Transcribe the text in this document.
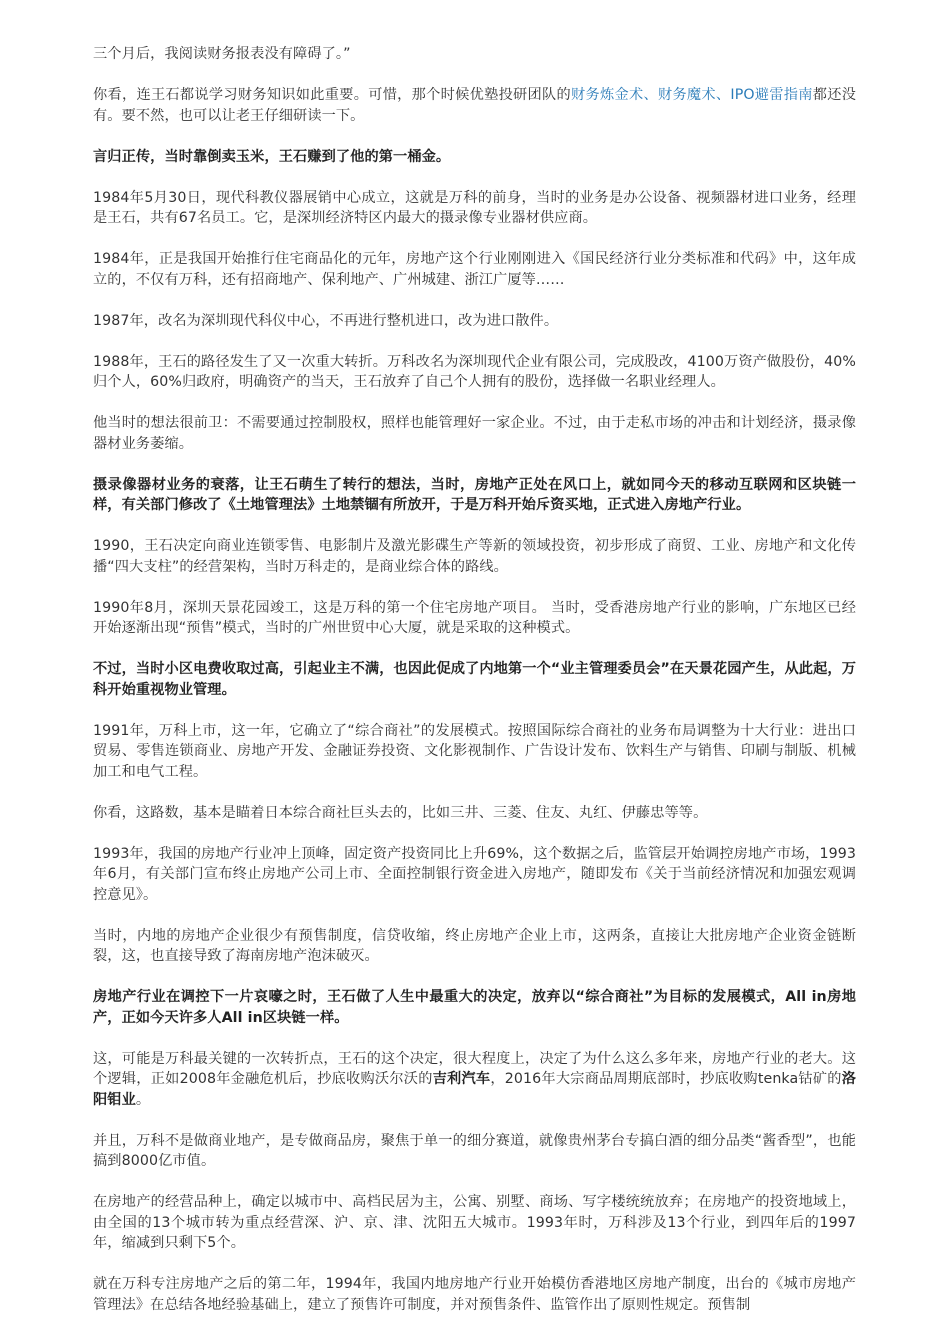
三个月后，我阅读财务报表没有障碍了。”

你看，连王石都说学习财务知识如此重要。可惜，那个时候优塾投研团队的财务炼金术、财务魔术、IPO避雷指南都还没有。要不然，也可以让老王仔细研读一下。

言归正传，当时靠倒卖玉米，王石赚到了他的第一桶金。

1984年5月30日，现代科教仪器展销中心成立，这就是万科的前身，当时的业务是办公设备、视频器材进口业务，经理是王石，共有67名员工。它，是深圳经济特区内最大的摄录像专业器材供应商。

1984年，正是我国开始推行住宅商品化的元年，房地产这个行业刚刚进入《国民经济行业分类标准和代码》中，这年成立的，不仅有万科，还有招商地产、保利地产、广州城建、浙江广厦等……

1987年，改名为深圳现代科仪中心，不再进行整机进口，改为进口散件。

1988年，王石的路径发生了又一次重大转折。万科改名为深圳现代企业有限公司，完成股改，4100万资产做股份，40%归个人，60%归政府，明确资产的当天，王石放弃了自己个人拥有的股份，选择做一名职业经理人。

他当时的想法很前卫：不需要通过控制股权，照样也能管理好一家企业。不过，由于走私市场的冲击和计划经济，摄录像器材业务萎缩。

摄录像器材业务的衰落，让王石萌生了转行的想法，当时，房地产正处在风口上，就如同今天的移动互联网和区块链一样，有关部门修改了《土地管理法》土地禁锢有所放开，于是万科开始斥资买地，正式进入房地产行业。

1990，王石决定向商业连锁零售、电影制片及激光影碟生产等新的领域投资，初步形成了商贸、工业、房地产和文化传播“四大支柱”的经营架构，当时万科走的，是商业综合体的路线。

1990年8月，深圳天景花园竣工，这是万科的第一个住宅房地产项目。 当时，受香港房地产行业的影响，广东地区已经开始逐渐出现“预售”模式，当时的广州世贸中心大厦，就是采取的这种模式。

不过，当时小区电费收取过高，引起业主不满，也因此促成了内地第一个“业主管理委员会”在天景花园产生，从此起，万科开始重视物业管理。

1991年，万科上市，这一年，它确立了“综合商社”的发展模式。按照国际综合商社的业务布局调整为十大行业：进出口贸易、零售连锁商业、房地产开发、金融证券投资、文化影视制作、广告设计发布、饮料生产与销售、印刷与制版、机械加工和电气工程。

你看，这路数，基本是瞄着日本综合商社巨头去的，比如三井、三菱、住友、丸红、伊藤忠等等。

1993年，我国的房地产行业冲上顶峰，固定资产投资同比上升69%，这个数据之后，监管层开始调控房地产市场，1993年6月，有关部门宣布终止房地产公司上市、全面控制银行资金进入房地产，随即发布《关于当前经济情况和加强宏观调控意见》。

当时，内地的房地产企业很少有预售制度，信贷收缩，终止房地产企业上市，这两条，直接让大批房地产企业资金链断裂，这，也直接导致了海南房地产泡沫破灭。

房地产行业在调控下一片哀嚎之时，王石做了人生中最重大的决定，放弃以“综合商社”为目标的发展模式，All in房地产，正如今天许多人All in区块链一样。

这，可能是万科最关键的一次转折点，王石的这个决定，很大程度上，决定了为什么这么多年来，房地产行业的老大。这个逻辑，正如2008年金融危机后，抄底收购沃尔沃的吉利汽车，2016年大宗商品周期底部时，抄底收购tenka钴矿的洛阳钼业。

并且，万科不是做商业地产，是专做商品房，聚焦于单一的细分赛道，就像贵州茅台专搞白酒的细分品类“酱香型”，也能搞到8000亿市值。

在房地产的经营品种上，确定以城市中、高档民居为主，公寓、别墅、商场、写字楼统统放弃；在房地产的投资地域上，由全国的13个城市转为重点经营深、沪、京、津、沈阳五大城市。1993年时，万科涉及13个行业，到四年后的1997年，缩减到只剩下5个。

就在万科专注房地产之后的第二年，1994年，我国内地房地产行业开始模仿香港地区房地产制度，出台的《城市房地产管理法》在总结各地经验基础上，建立了预售许可制度，并对预售条件、监管作出了原则性规定。预售制
